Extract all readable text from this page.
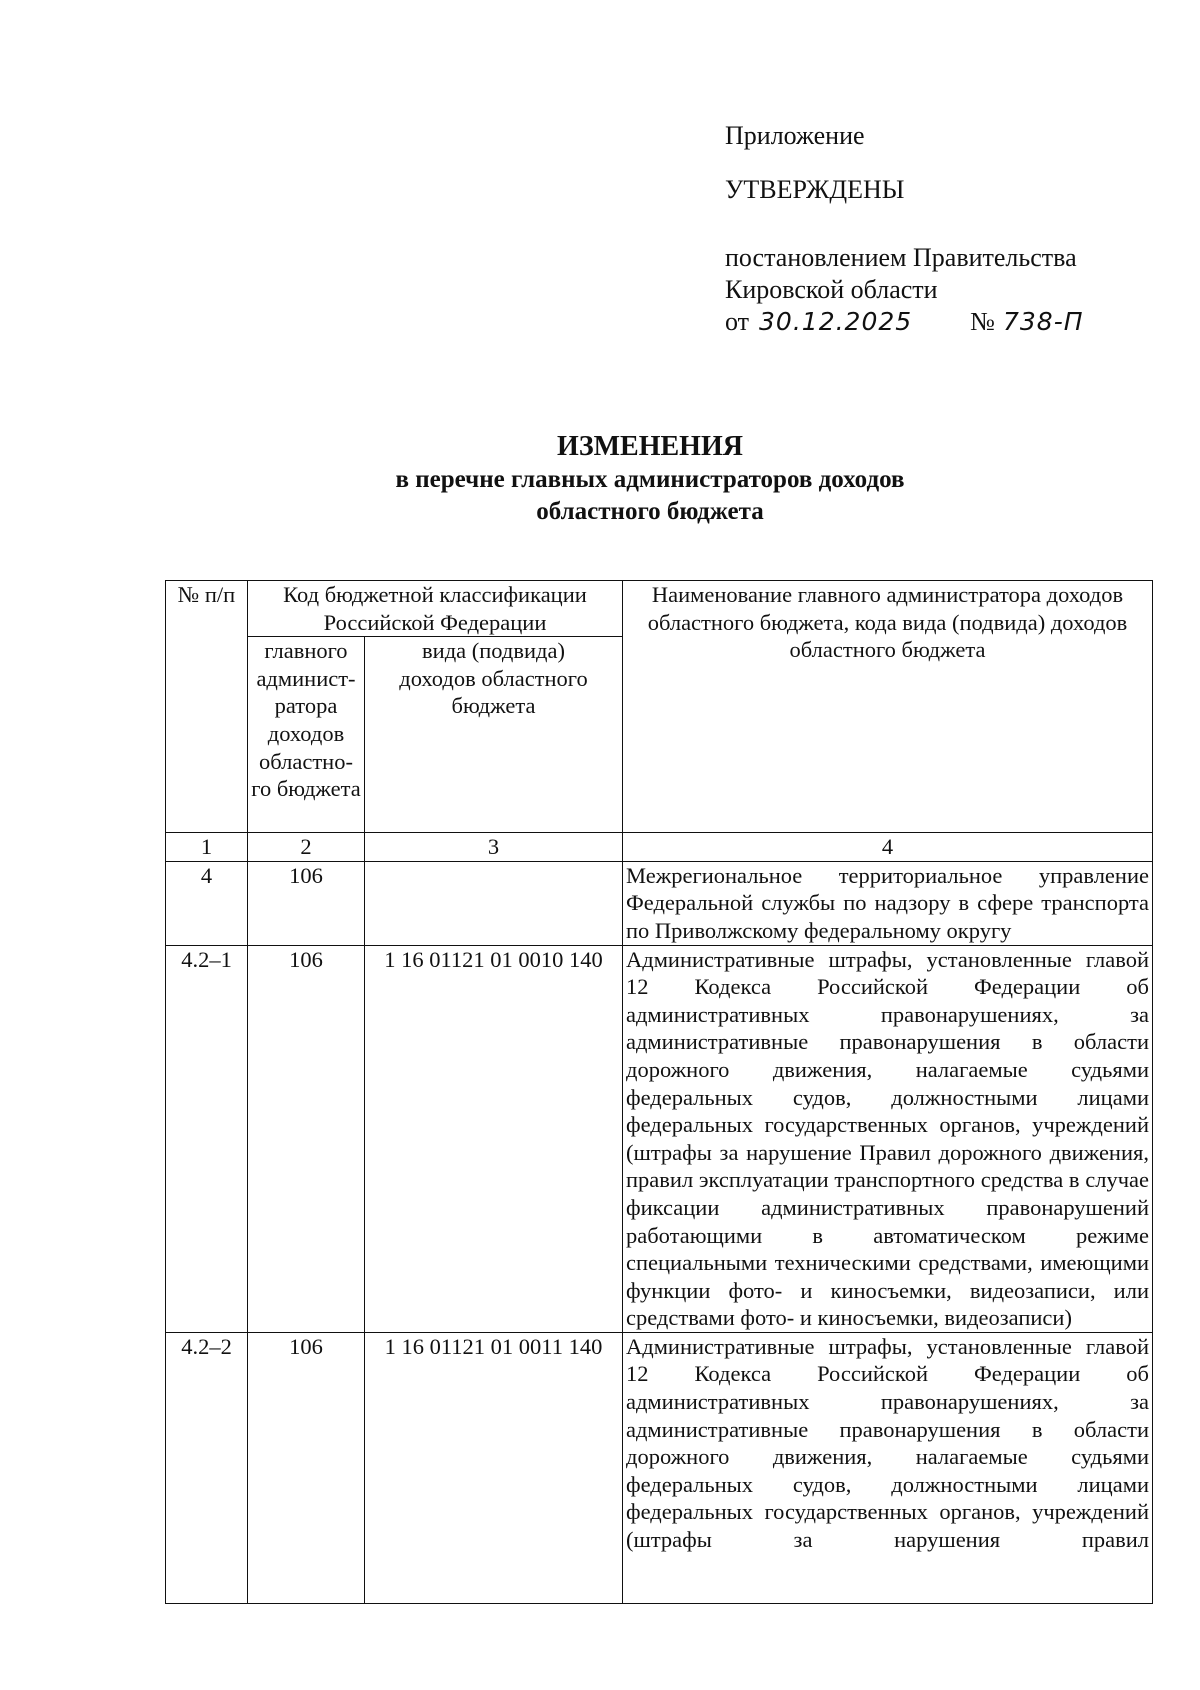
Приложение

УТВЕРЖДЕНЫ

постановлением Правительства

Кировской области

от 30.12.2025 № 738-П
ИЗМЕНЕНИЯ
в перечне главных администраторов доходов
областного бюджета
№ п/п	Код бюджетной классификации Российской Федерации		Наименование главного администратора доходов областного бюджета, кода вида (подвида) доходов областного бюджета
	главного админист-ратора доходов областно-го бюджета	вида (подвида) доходов областного бюджета	
1	2	3	4
4	106		Межрегиональное территориальное управление Федеральной службы по надзору в сфере транспорта по Приволжскому федеральному округу
4.2–1	106	1 16 01121 01 0010 140	Административные штрафы, установленные главой 12 Кодекса Российской Федерации об административных правонарушениях, за административные правонарушения в области дорожного движения, налагаемые судьями федеральных судов, должностными лицами федеральных государственных органов, учреждений (штрафы за нарушение Правил дорожного движения, правил эксплуатации транспортного средства в случае фиксации административных правонарушений работающими в автоматическом режиме специальными техническими средствами, имеющими функции фото- и киносъемки, видеозаписи, или средствами фото- и киносъемки, видеозаписи)
4.2–2	106	1 16 01121 01 0011 140	Административные штрафы, установленные главой 12 Кодекса Российской Федерации об административных правонарушениях, за административные правонарушения в области дорожного движения, налагаемые судьями федеральных судов, должностными лицами федеральных государственных органов, учреждений (штрафы за нарушения правил
